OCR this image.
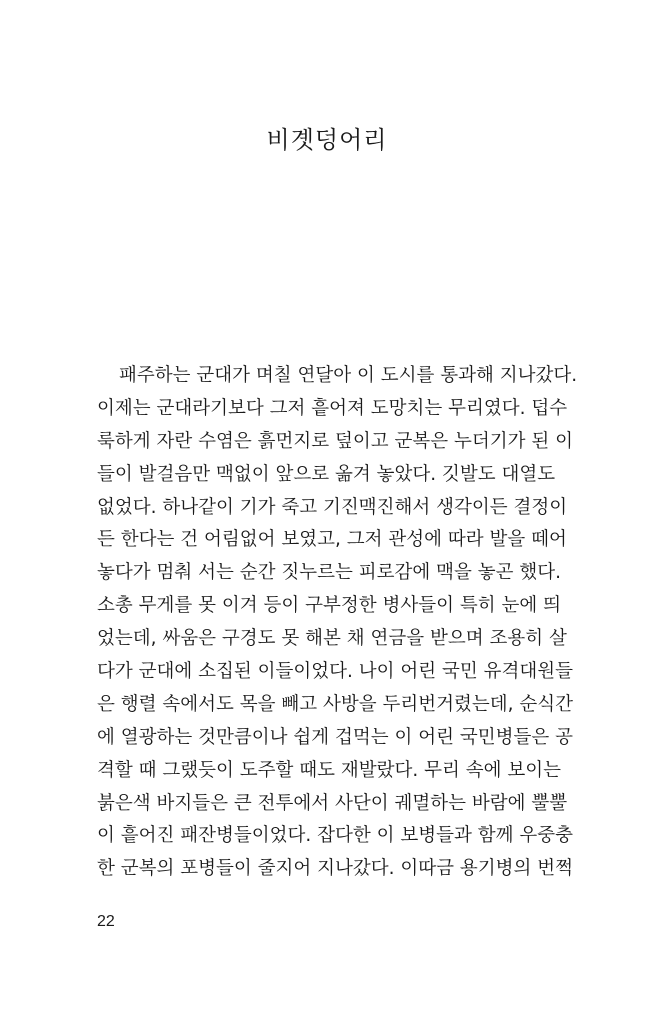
비곗덩어리
패주하는 군대가 며칠 연달아 이 도시를 통과해 지나갔다.
이제는 군대라기보다 그저 흩어져 도망치는 무리였다. 덥수
룩하게 자란 수염은 흙먼지로 덮이고 군복은 누더기가 된 이
들이 발걸음만 맥없이 앞으로 옮겨 놓았다. 깃발도 대열도
없었다. 하나같이 기가 죽고 기진맥진해서 생각이든 결정이
든 한다는 건 어림없어 보였고, 그저 관성에 따라 발을 떼어
놓다가 멈춰 서는 순간 짓누르는 피로감에 맥을 놓곤 했다.
소총 무게를 못 이겨 등이 구부정한 병사들이 특히 눈에 띄
었는데, 싸움은 구경도 못 해본 채 연금을 받으며 조용히 살
다가 군대에 소집된 이들이었다. 나이 어린 국민 유격대원들
은 행렬 속에서도 목을 빼고 사방을 두리번거렸는데, 순식간
에 열광하는 것만큼이나 쉽게 겁먹는 이 어린 국민병들은 공
격할 때 그랬듯이 도주할 때도 재발랐다. 무리 속에 보이는
붉은색 바지들은 큰 전투에서 사단이 궤멸하는 바람에 뿔뿔
이 흩어진 패잔병들이었다. 잡다한 이 보병들과 함께 우중충
한 군복의 포병들이 줄지어 지나갔다. 이따금 용기병의 번쩍
22
